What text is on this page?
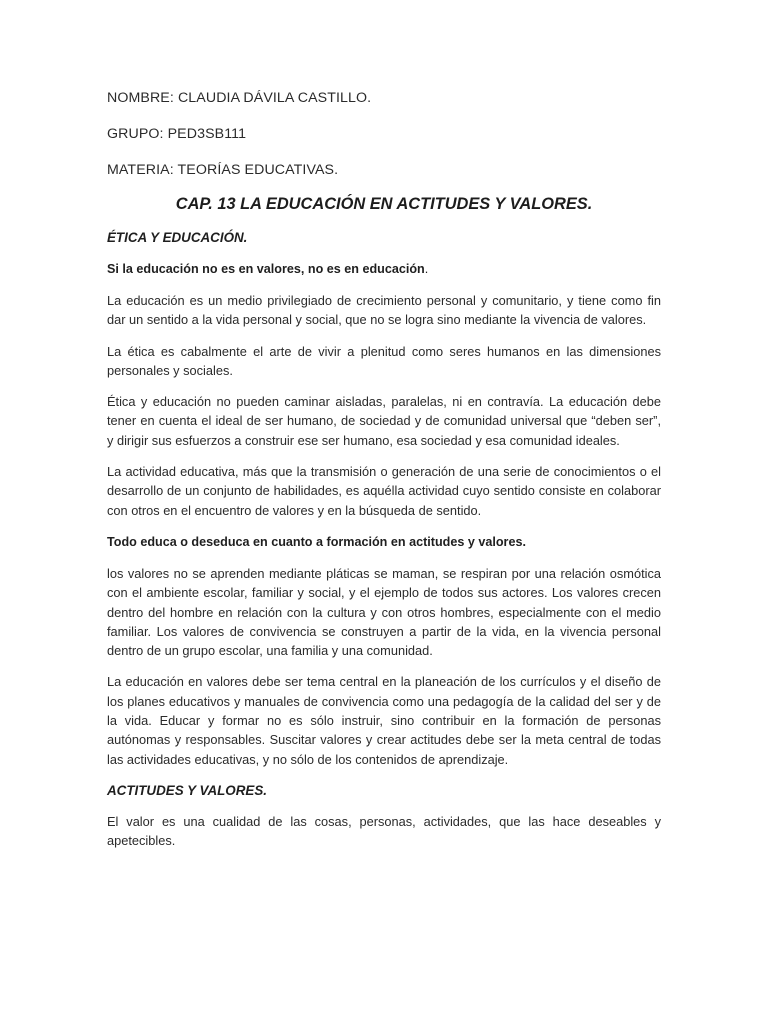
NOMBRE: CLAUDIA DÁVILA CASTILLO.

GRUPO: PED3SB111

MATERIA: TEORÍAS EDUCATIVAS.

CAP. 13 LA EDUCACIÓN EN ACTITUDES Y VALORES.
ÉTICA Y EDUCACIÓN.

Si la educación no es en valores, no es en educación.

La educación es un medio privilegiado de crecimiento personal y comunitario, y tiene como fin dar un sentido a la vida personal y social, que no se logra sino mediante la vivencia de valores.

La ética es cabalmente el arte de vivir a plenitud como seres humanos en las dimensiones personales y sociales.

Ética y educación no pueden caminar aisladas, paralelas, ni en contravía. La educación debe tener en cuenta el ideal de ser humano, de sociedad y de comunidad universal que “deben ser”, y dirigir sus esfuerzos a construir ese ser humano, esa sociedad y esa comunidad ideales.

La actividad educativa, más que la transmisión o generación de una serie de conocimientos o el desarrollo de un conjunto de habilidades, es aquélla actividad cuyo sentido consiste en colaborar con otros en el encuentro de valores y en la búsqueda de sentido.

Todo educa o deseduca en cuanto a formación en actitudes y valores.

los valores no se aprenden mediante pláticas se maman, se respiran por una relación osmótica con el ambiente escolar, familiar y social, y el ejemplo de todos sus actores. Los valores crecen dentro del hombre en relación con la cultura y con otros hombres, especialmente con el medio familiar. Los valores de convivencia se construyen a partir de la vida, en la vivencia personal dentro de un grupo escolar, una familia y una comunidad.

La educación en valores debe ser tema central en la planeación de los currículos y el diseño de los planes educativos y manuales de convivencia como una pedagogía de la calidad del ser y de la vida. Educar y formar no es sólo instruir, sino contribuir en la formación de personas autónomas y responsables. Suscitar valores y crear actitudes debe ser la meta central de todas las actividades educativas, y no sólo de los contenidos de aprendizaje.

ACTITUDES Y VALORES.

El valor es una cualidad de las cosas, personas, actividades, que las hace deseables y apetecibles.
